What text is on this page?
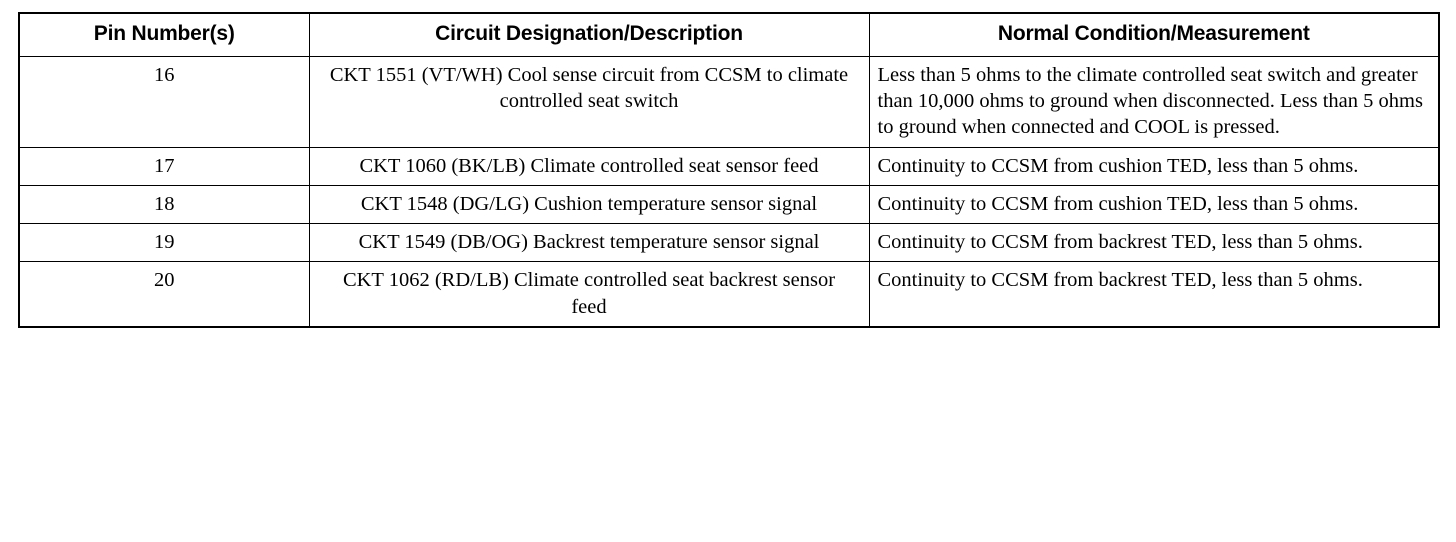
Pin Number(s)	Circuit Designation/Description	Normal Condition/Measurement
16	CKT 1551 (VT/WH) Cool sense circuit from CCSM to climate controlled seat switch	Less than 5 ohms to the climate controlled seat switch and greater than 10,000 ohms to ground when disconnected. Less than 5 ohms to ground when connected and COOL is pressed.
17	CKT 1060 (BK/LB) Climate controlled seat sensor feed	Continuity to CCSM from cushion TED, less than 5 ohms.
18	CKT 1548 (DG/LG) Cushion temperature sensor signal	Continuity to CCSM from cushion TED, less than 5 ohms.
19	CKT 1549 (DB/OG) Backrest temperature sensor signal	Continuity to CCSM from backrest TED, less than 5 ohms.
20	CKT 1062 (RD/LB) Climate controlled seat backrest sensor feed	Continuity to CCSM from backrest TED, less than 5 ohms.
